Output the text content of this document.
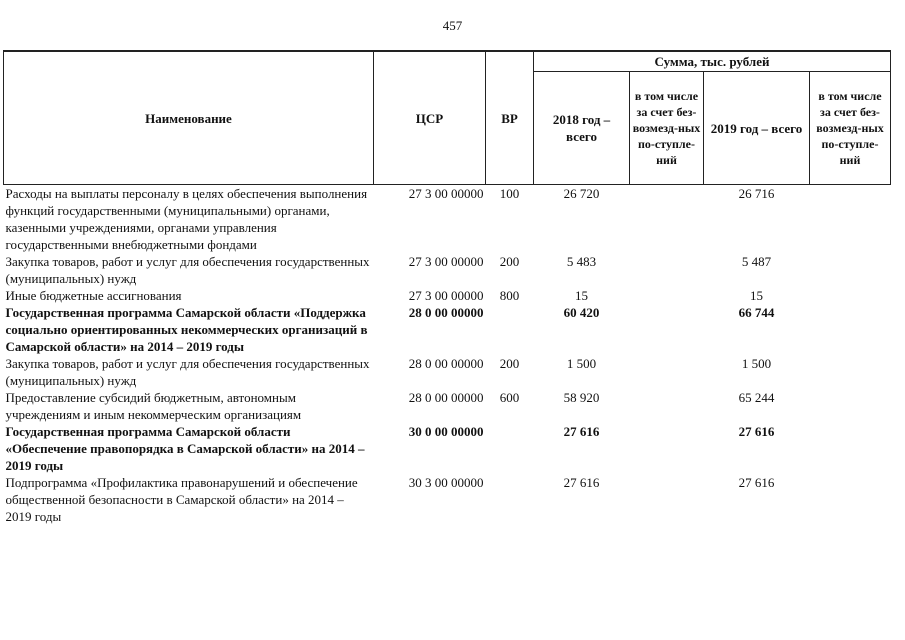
457
Наименование	ЦСР	ВР	Сумма, тыс. рублей			
			2018 год – всего	в том числе за счет без-возмезд-ных по-ступле-ний	2019 год – всего	в том числе за счет без-возмезд-ных по-ступле-ний
Расходы на выплаты персоналу в целях обеспечения выполнения функций государственными (муниципальными) органами, казенными учреждениями, органами управления государственными внебюджетными фондами	27 3 00 00000	100	26 720		26 716	
Закупка товаров, работ и услуг для обеспечения государственных (муниципальных) нужд	27 3 00 00000	200	5 483		5 487	
Иные бюджетные ассигнования	27 3 00 00000	800	15		15	
Государственная программа Самарской области «Поддержка социально ориентированных некоммерческих организаций в Самарской области» на 2014 – 2019 годы	28 0 00 00000		60 420		66 744	
Закупка товаров, работ и услуг для обеспечения государственных (муниципальных) нужд	28 0 00 00000	200	1 500		1 500	
Предоставление субсидий бюджетным, автономным учреждениям и иным некоммерческим организациям	28 0 00 00000	600	58 920		65 244	
Государственная программа Самарской области «Обеспечение правопорядка в Самарской области» на 2014 – 2019 годы	30 0 00 00000		27 616		27 616	
Подпрограмма «Профилактика правонарушений и обеспечение общественной безопасности в Самарской области» на 2014 – 2019 годы	30 3 00 00000		27 616		27 616	
